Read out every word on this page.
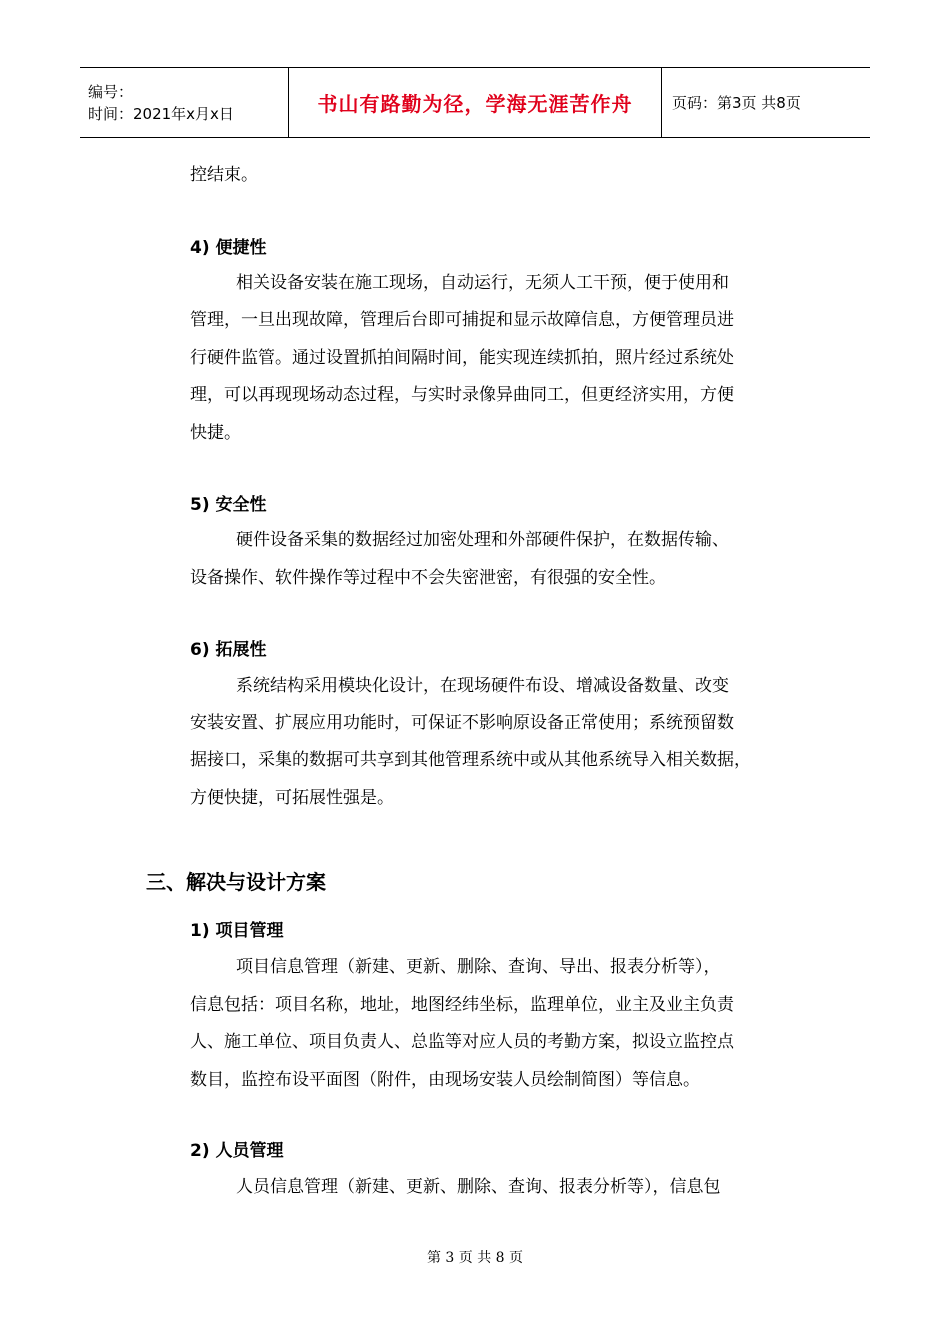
编号：
时间：2021年x月x日	书山有路勤为径，学海无涯苦作舟	页码：第3页 共8页
控结束。
4) 便捷性
相关设备安装在施工现场，自动运行，无须人工干预，便于使用和
管理，一旦出现故障，管理后台即可捕捉和显示故障信息，方便管理员进
行硬件监管。通过设置抓拍间隔时间，能实现连续抓拍，照片经过系统处
理，可以再现现场动态过程，与实时录像异曲同工，但更经济实用，方便
快捷。
5) 安全性
硬件设备采集的数据经过加密处理和外部硬件保护，在数据传输、
设备操作、软件操作等过程中不会失密泄密，有很强的安全性。
6) 拓展性
系统结构采用模块化设计，在现场硬件布设、增减设备数量、改变
安装安置、扩展应用功能时，可保证不影响原设备正常使用；系统预留数
据接口，采集的数据可共享到其他管理系统中或从其他系统导入相关数据，
方便快捷，可拓展性强是。
1) 项目管理
项目信息管理（新建、更新、删除、查询、导出、报表分析等），
信息包括：项目名称，地址，地图经纬坐标，监理单位，业主及业主负责
人、施工单位、项目负责人、总监等对应人员的考勤方案，拟设立监控点
数目，监控布设平面图（附件，由现场安装人员绘制简图）等信息。
2) 人员管理
人员信息管理（新建、更新、删除、查询、报表分析等），信息包
三、解决与设计方案
第 3 页 共 8 页
